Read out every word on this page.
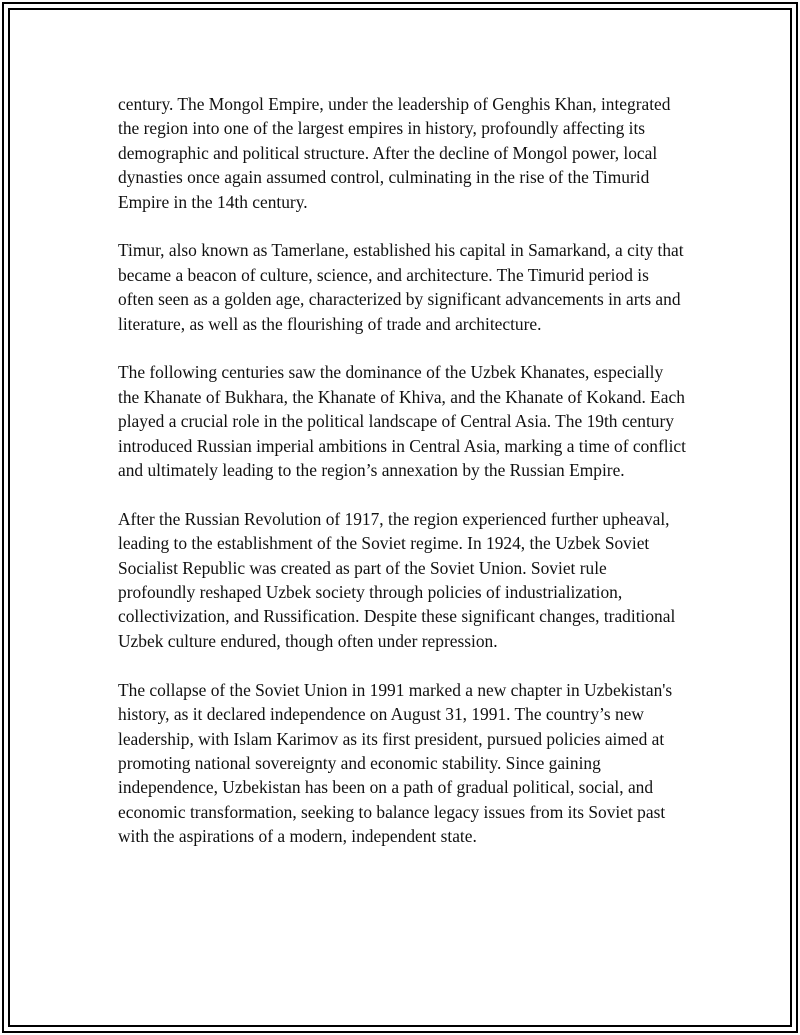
century. The Mongol Empire, under the leadership of Genghis Khan, integrated the region into one of the largest empires in history, profoundly affecting its demographic and political structure. After the decline of Mongol power, local dynasties once again assumed control, culminating in the rise of the Timurid Empire in the 14th century.

Timur, also known as Tamerlane, established his capital in Samarkand, a city that became a beacon of culture, science, and architecture. The Timurid period is often seen as a golden age, characterized by significant advancements in arts and literature, as well as the flourishing of trade and architecture.

The following centuries saw the dominance of the Uzbek Khanates, especially the Khanate of Bukhara, the Khanate of Khiva, and the Khanate of Kokand. Each played a crucial role in the political landscape of Central Asia. The 19th century introduced Russian imperial ambitions in Central Asia, marking a time of conflict and ultimately leading to the region’s annexation by the Russian Empire.

After the Russian Revolution of 1917, the region experienced further upheaval, leading to the establishment of the Soviet regime. In 1924, the Uzbek Soviet Socialist Republic was created as part of the Soviet Union. Soviet rule profoundly reshaped Uzbek society through policies of industrialization, collectivization, and Russification. Despite these significant changes, traditional Uzbek culture endured, though often under repression.

The collapse of the Soviet Union in 1991 marked a new chapter in Uzbekistan's history, as it declared independence on August 31, 1991. The country’s new leadership, with Islam Karimov as its first president, pursued policies aimed at promoting national sovereignty and economic stability. Since gaining independence, Uzbekistan has been on a path of gradual political, social, and economic transformation, seeking to balance legacy issues from its Soviet past with the aspirations of a modern, independent state.
